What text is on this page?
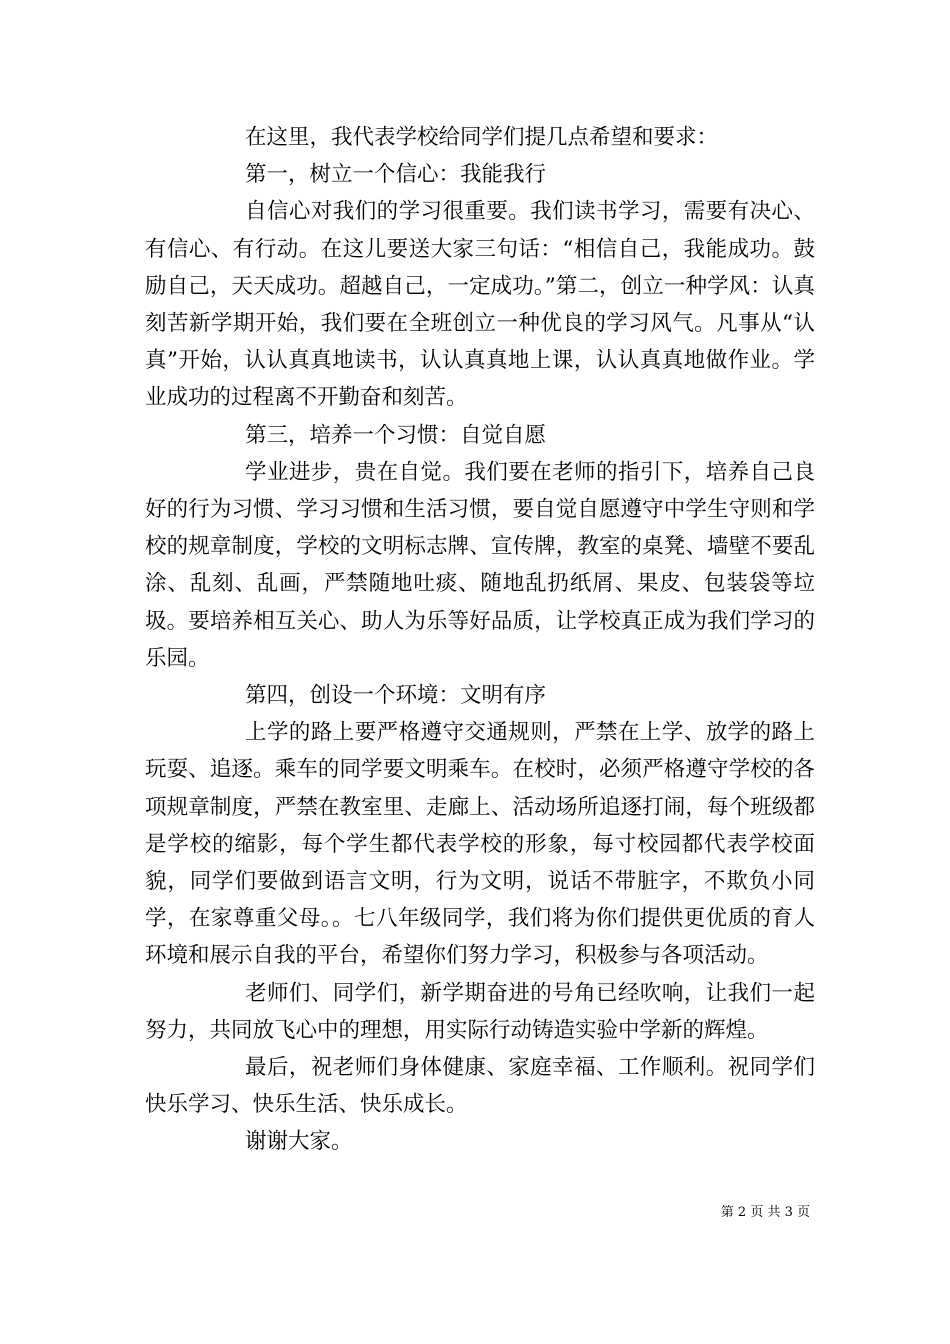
在这里，我代表学校给同学们提几点希望和要求：

第一，树立一个信心：我能我行

自信心对我们的学习很重要。我们读书学习，需要有决心、有信心、有行动。在这儿要送大家三句话：“相信自己，我能成功。鼓励自己，天天成功。超越自己，一定成功。”第二，创立一种学风：认真刻苦新学期开始，我们要在全班创立一种优良的学习风气。凡事从“认真”开始，认认真真地读书，认认真真地上课，认认真真地做作业。学业成功的过程离不开勤奋和刻苦。

第三，培养一个习惯：自觉自愿

学业进步，贵在自觉。我们要在老师的指引下，培养自己良好的行为习惯、学习习惯和生活习惯，要自觉自愿遵守中学生守则和学校的规章制度，学校的文明标志牌、宣传牌，教室的桌凳、墙壁不要乱涂、乱刻、乱画，严禁随地吐痰、随地乱扔纸屑、果皮、包装袋等垃圾。要培养相互关心、助人为乐等好品质，让学校真正成为我们学习的乐园。

第四，创设一个环境：文明有序

上学的路上要严格遵守交通规则，严禁在上学、放学的路上玩耍、追逐。乘车的同学要文明乘车。在校时，必须严格遵守学校的各项规章制度，严禁在教室里、走廊上、活动场所追逐打闹，每个班级都是学校的缩影，每个学生都代表学校的形象，每寸校园都代表学校面貌，同学们要做到语言文明，行为文明，说话不带脏字，不欺负小同学，在家尊重父母。。七八年级同学，我们将为你们提供更优质的育人环境和展示自我的平台，希望你们努力学习，积极参与各项活动。

老师们、同学们，新学期奋进的号角已经吹响，让我们一起努力，共同放飞心中的理想，用实际行动铸造实验中学新的辉煌。

最后，祝老师们身体健康、家庭幸福、工作顺利。祝同学们快乐学习、快乐生活、快乐成长。

谢谢大家。

第 2 页 共 3 页
